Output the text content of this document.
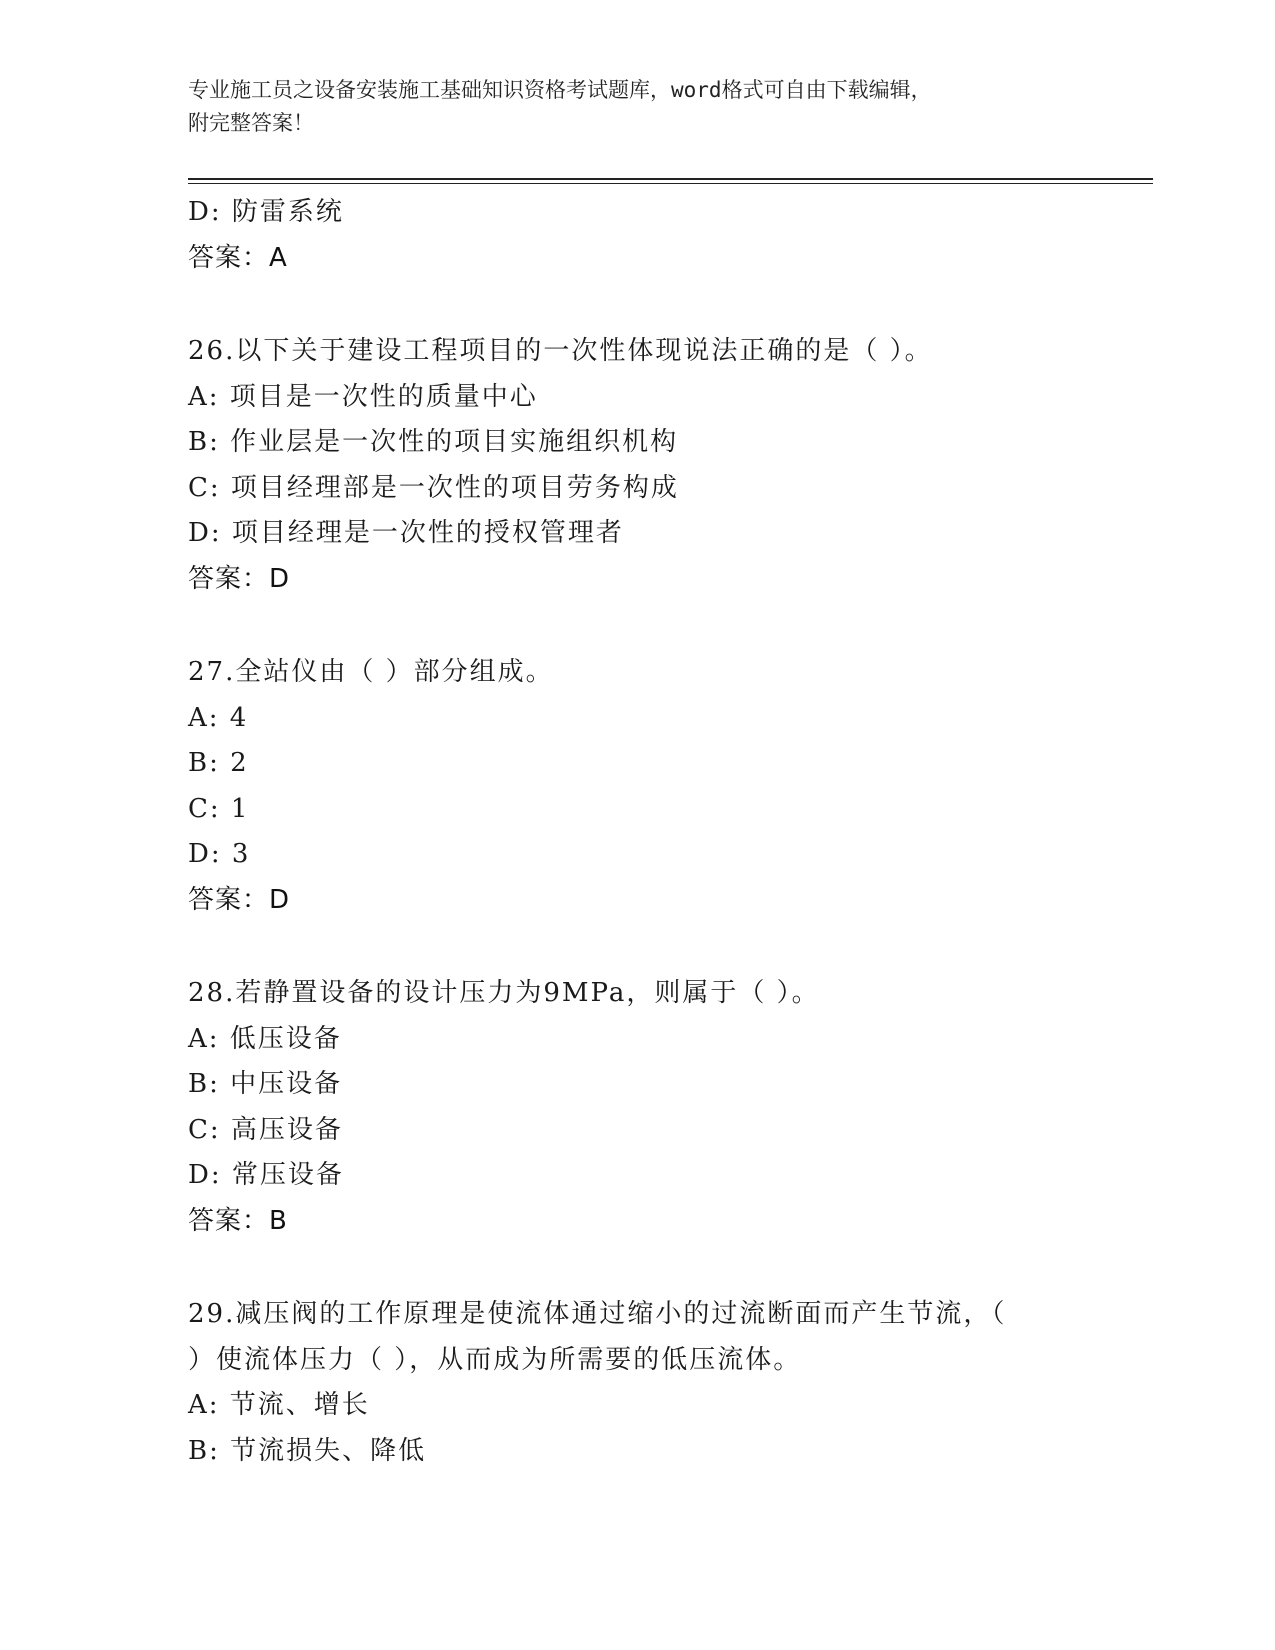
专业施工员之设备安装施工基础知识资格考试题库，word格式可自由下载编辑，
附完整答案！
D: 防雷系统
答案：A
26.以下关于建设工程项目的一次性体现说法正确的是（ ）。
A: 项目是一次性的质量中心
B: 作业层是一次性的项目实施组织机构
C: 项目经理部是一次性的项目劳务构成
D: 项目经理是一次性的授权管理者
答案：D
27.全站仪由（ ）部分组成。
A: 4
B: 2
C: 1
D: 3
答案：D
28.若静置设备的设计压力为9MPa，则属于（ ）。
A: 低压设备
B: 中压设备
C: 高压设备
D: 常压设备
答案：B
29.减压阀的工作原理是使流体通过缩小的过流断面而产生节流，（
）使流体压力（ ），从而成为所需要的低压流体。
A: 节流、增长
B: 节流损失、降低
